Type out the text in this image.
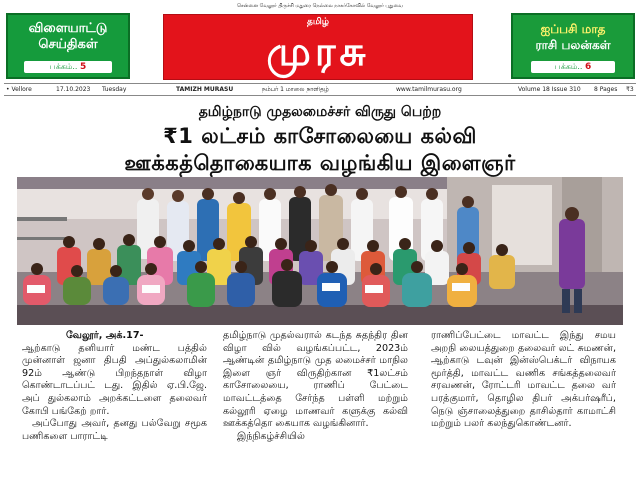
சென்னை வேலூர் திருச்சி மதுரை நெல்லை நாகர்கோவில் வேலூர் புதுவை
விளையாட்டு
செய்திகள்
பக்கம்.. 5
தமிழ்
முரசு	ஐப்பசி மாத
ராசி பலன்கள்
பக்கம்.. 6
• Vellore	17.10.2023 Tuesday	TAMIZH MURASU	நம்பர் 1 மாலை நாளிதழ்	www.tamilmurasu.org	Volume 18 Issue 310 8 Pages ₹3
தமிழ்நாடு முதலமைச்சர் விருது பெற்ற
₹1 லட்சம் காசோலையை கல்வி
ஊக்கத்தொகையாக வழங்கிய இளைஞர்

வேலூர், அக்.17-

ஆற்காடு தனியார் மண்ட பத்தில் முன்னாள் ஜனா திபதி அப்துல்கலாமின் 92ம் ஆண்டு பிறந்தநாள் விழா கொண்டாடப்பட் டது. இதில் ஏ.பி.ஜே. அப் துல்கலாம் அறக்கட்டளை தலைவர் கோபி பங்கேற் றார்.

அப்போது அவர், தனது பல்வேறு சமூக பணிகளை பாராட்டி

தமிழ்நாடு முதல்வரால் கடந்த சுதந்திர தின விழா வில் வழங்கப்பட்ட, 2023ம் ஆண்டின் தமிழ்நாடு முத லமைச்சர் மாநில இளை ஞர் விருதிற்கான ₹1லட்சம் காசோலையை, ராணிப் பேட்டை மாவட்டத்தை சேர்ந்த பள்ளி மற்றும் கல்லூரி ஏழை மாணவர் களுக்கு கல்வி ஊக்கத்தொ கையாக வழங்கினார்.

இந்நிகழ்ச்சியில்

ராணிப்பேட்டை மாவட்ட இந்து சமய அறநி லையத்துறை தலைவர் லட் சுமணன், ஆற்காடு டவுன் இன்ஸ்பெக்டர் விநாயக மூர்த்தி, மாவட்ட வணிக சங்கத்தலைவர் சரவணன், ரோட்டரி மாவட்ட தலை வர் பரத்குமார், தொழில திபர் அக்பர்ஷரீப், நெடு ஞ்சாலைத்துறை தாசில்தார் காமாட்சி மற்றும் பலர் கலந்துகொண்டனர்.
